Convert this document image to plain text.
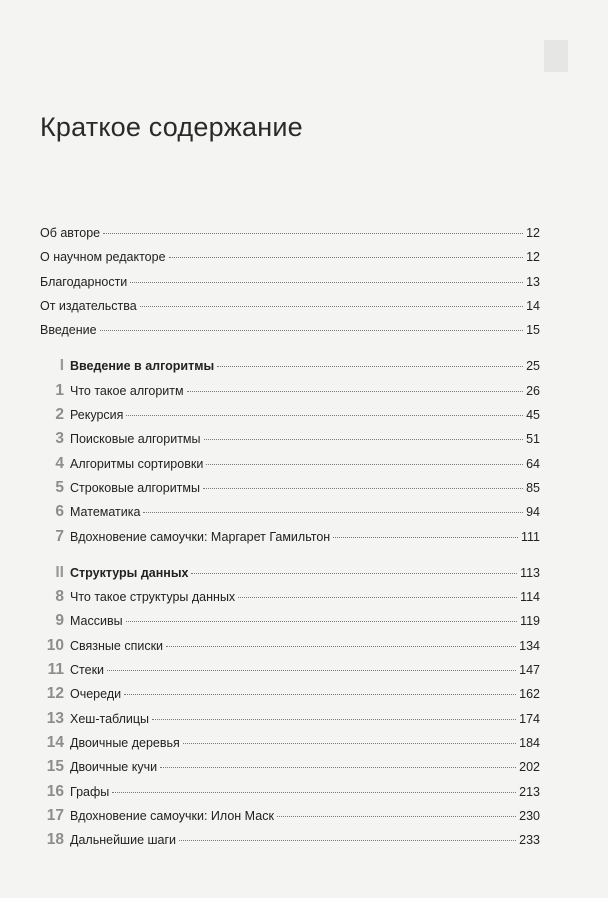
Краткое содержание
Об авторе	12
О научном редакторе	12
Благодарности	13
От издательства	14
Введение	15
I Введение в алгоритмы	25
1 Что такое алгоритм	26
2 Рекурсия	45
3 Поисковые алгоритмы	51
4 Алгоритмы сортировки	64
5 Строковые алгоритмы	85
6 Математика	94
7 Вдохновение самоучки: Маргарет Гамильтон	111
II Структуры данных	113
8 Что такое структуры данных	114
9 Массивы	119
10 Связные списки	134
11 Стеки	147
12 Очереди	162
13 Хеш-таблицы	174
14 Двоичные деревья	184
15 Двоичные кучи	202
16 Графы	213
17 Вдохновение самоучки: Илон Маск	230
18 Дальнейшие шаги	233
